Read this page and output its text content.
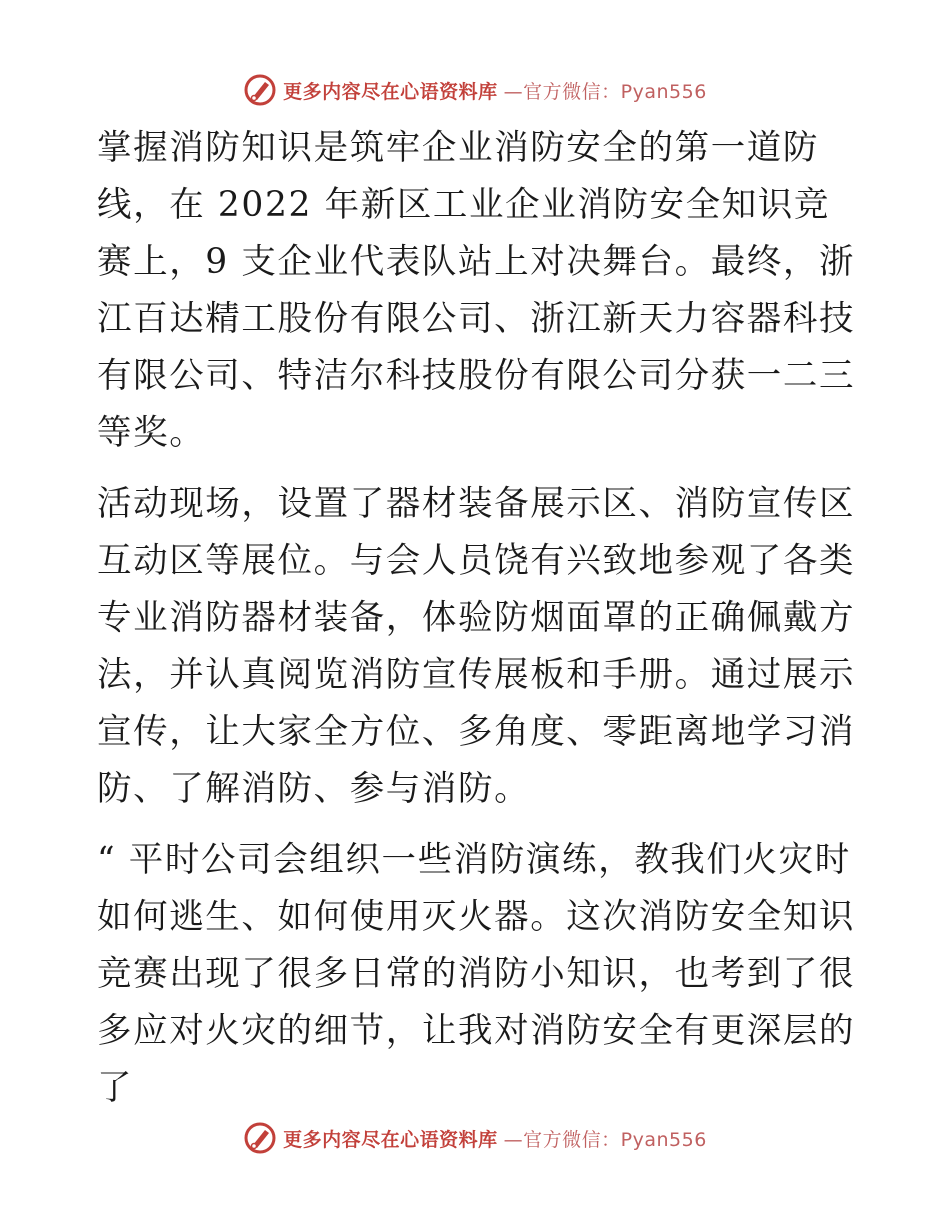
更多内容尽在心语资料库 —官方微信：Pyan556

掌握消防知识是筑牢企业消防安全的第一道防线，在 2022 年新区工业企业消防安全知识竞赛上，9 支企业代表队站上对决舞台。最终，浙江百达精工股份有限公司、浙江新天力容器科技有限公司、特洁尔科技股份有限公司分获一二三等奖。

活动现场，设置了器材装备展示区、消防宣传区互动区等展位。与会人员饶有兴致地参观了各类专业消防器材装备，体验防烟面罩的正确佩戴方法，并认真阅览消防宣传展板和手册。通过展示宣传，让大家全方位、多角度、零距离地学习消防、了解消防、参与消防。

“ 平时公司会组织一些消防演练，教我们火灾时如何逃生、如何使用灭火器。这次消防安全知识竞赛出现了很多日常的消防小知识，也考到了很多应对火灾的细节，让我对消防安全有更深层的了

更多内容尽在心语资料库 —官方微信：Pyan556
